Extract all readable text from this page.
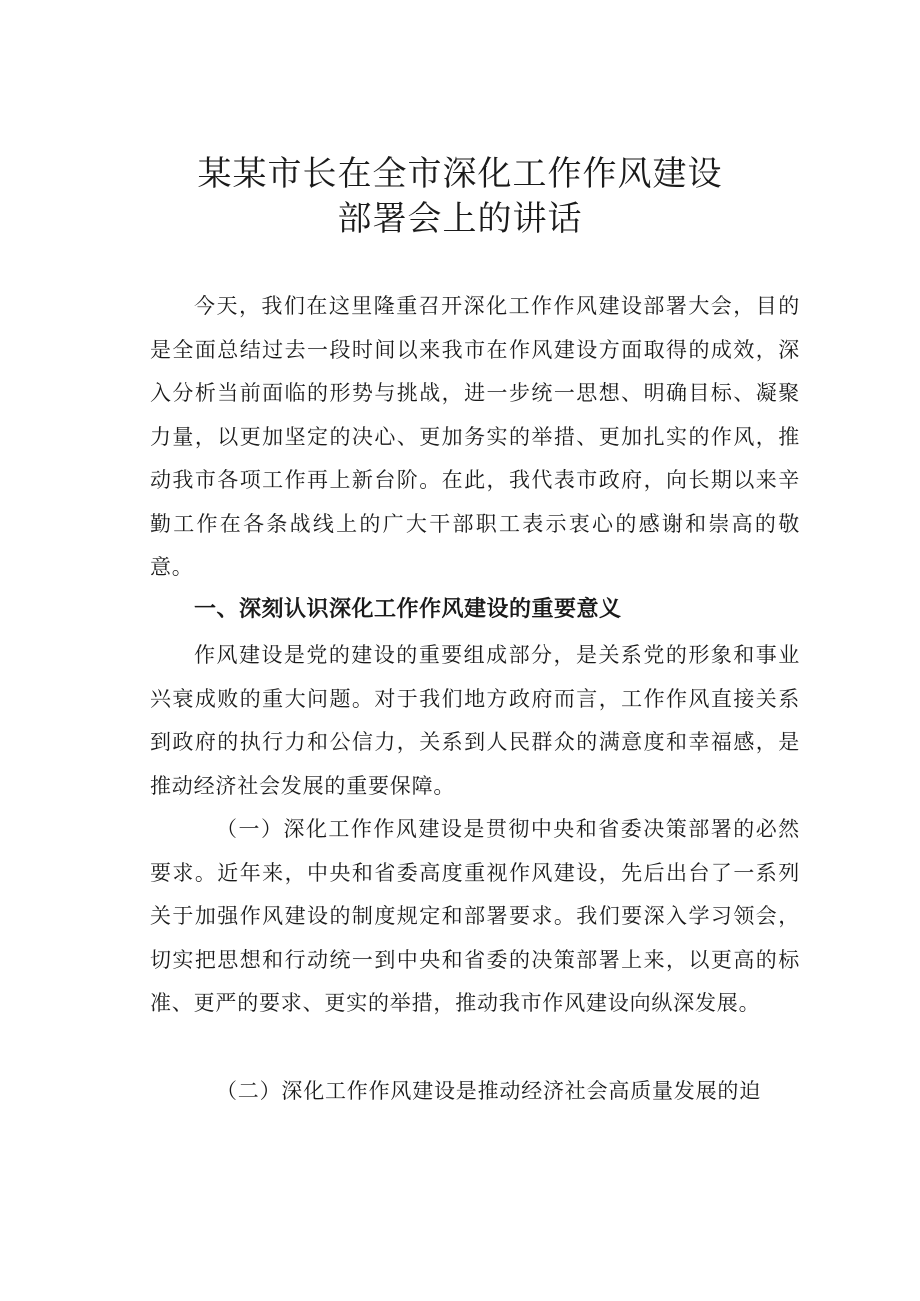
某某市长在全市深化工作作风建设
部署会上的讲话

今天，我们在这里隆重召开深化工作作风建设部署大会，目的是全面总结过去一段时间以来我市在作风建设方面取得的成效，深入分析当前面临的形势与挑战，进一步统一思想、明确目标、凝聚力量，以更加坚定的决心、更加务实的举措、更加扎实的作风，推动我市各项工作再上新台阶。在此，我代表市政府，向长期以来辛勤工作在各条战线上的广大干部职工表示衷心的感谢和崇高的敬意。

一、深刻认识深化工作作风建设的重要意义

作风建设是党的建设的重要组成部分，是关系党的形象和事业兴衰成败的重大问题。对于我们地方政府而言，工作作风直接关系到政府的执行力和公信力，关系到人民群众的满意度和幸福感，是推动经济社会发展的重要保障。

（一）深化工作作风建设是贯彻中央和省委决策部署的必然要求。近年来，中央和省委高度重视作风建设，先后出台了一系列关于加强作风建设的制度规定和部署要求。我们要深入学习领会，切实把思想和行动统一到中央和省委的决策部署上来，以更高的标准、更严的要求、更实的举措，推动我市作风建设向纵深发展。

（二）深化工作作风建设是推动经济社会高质量发展的迫
